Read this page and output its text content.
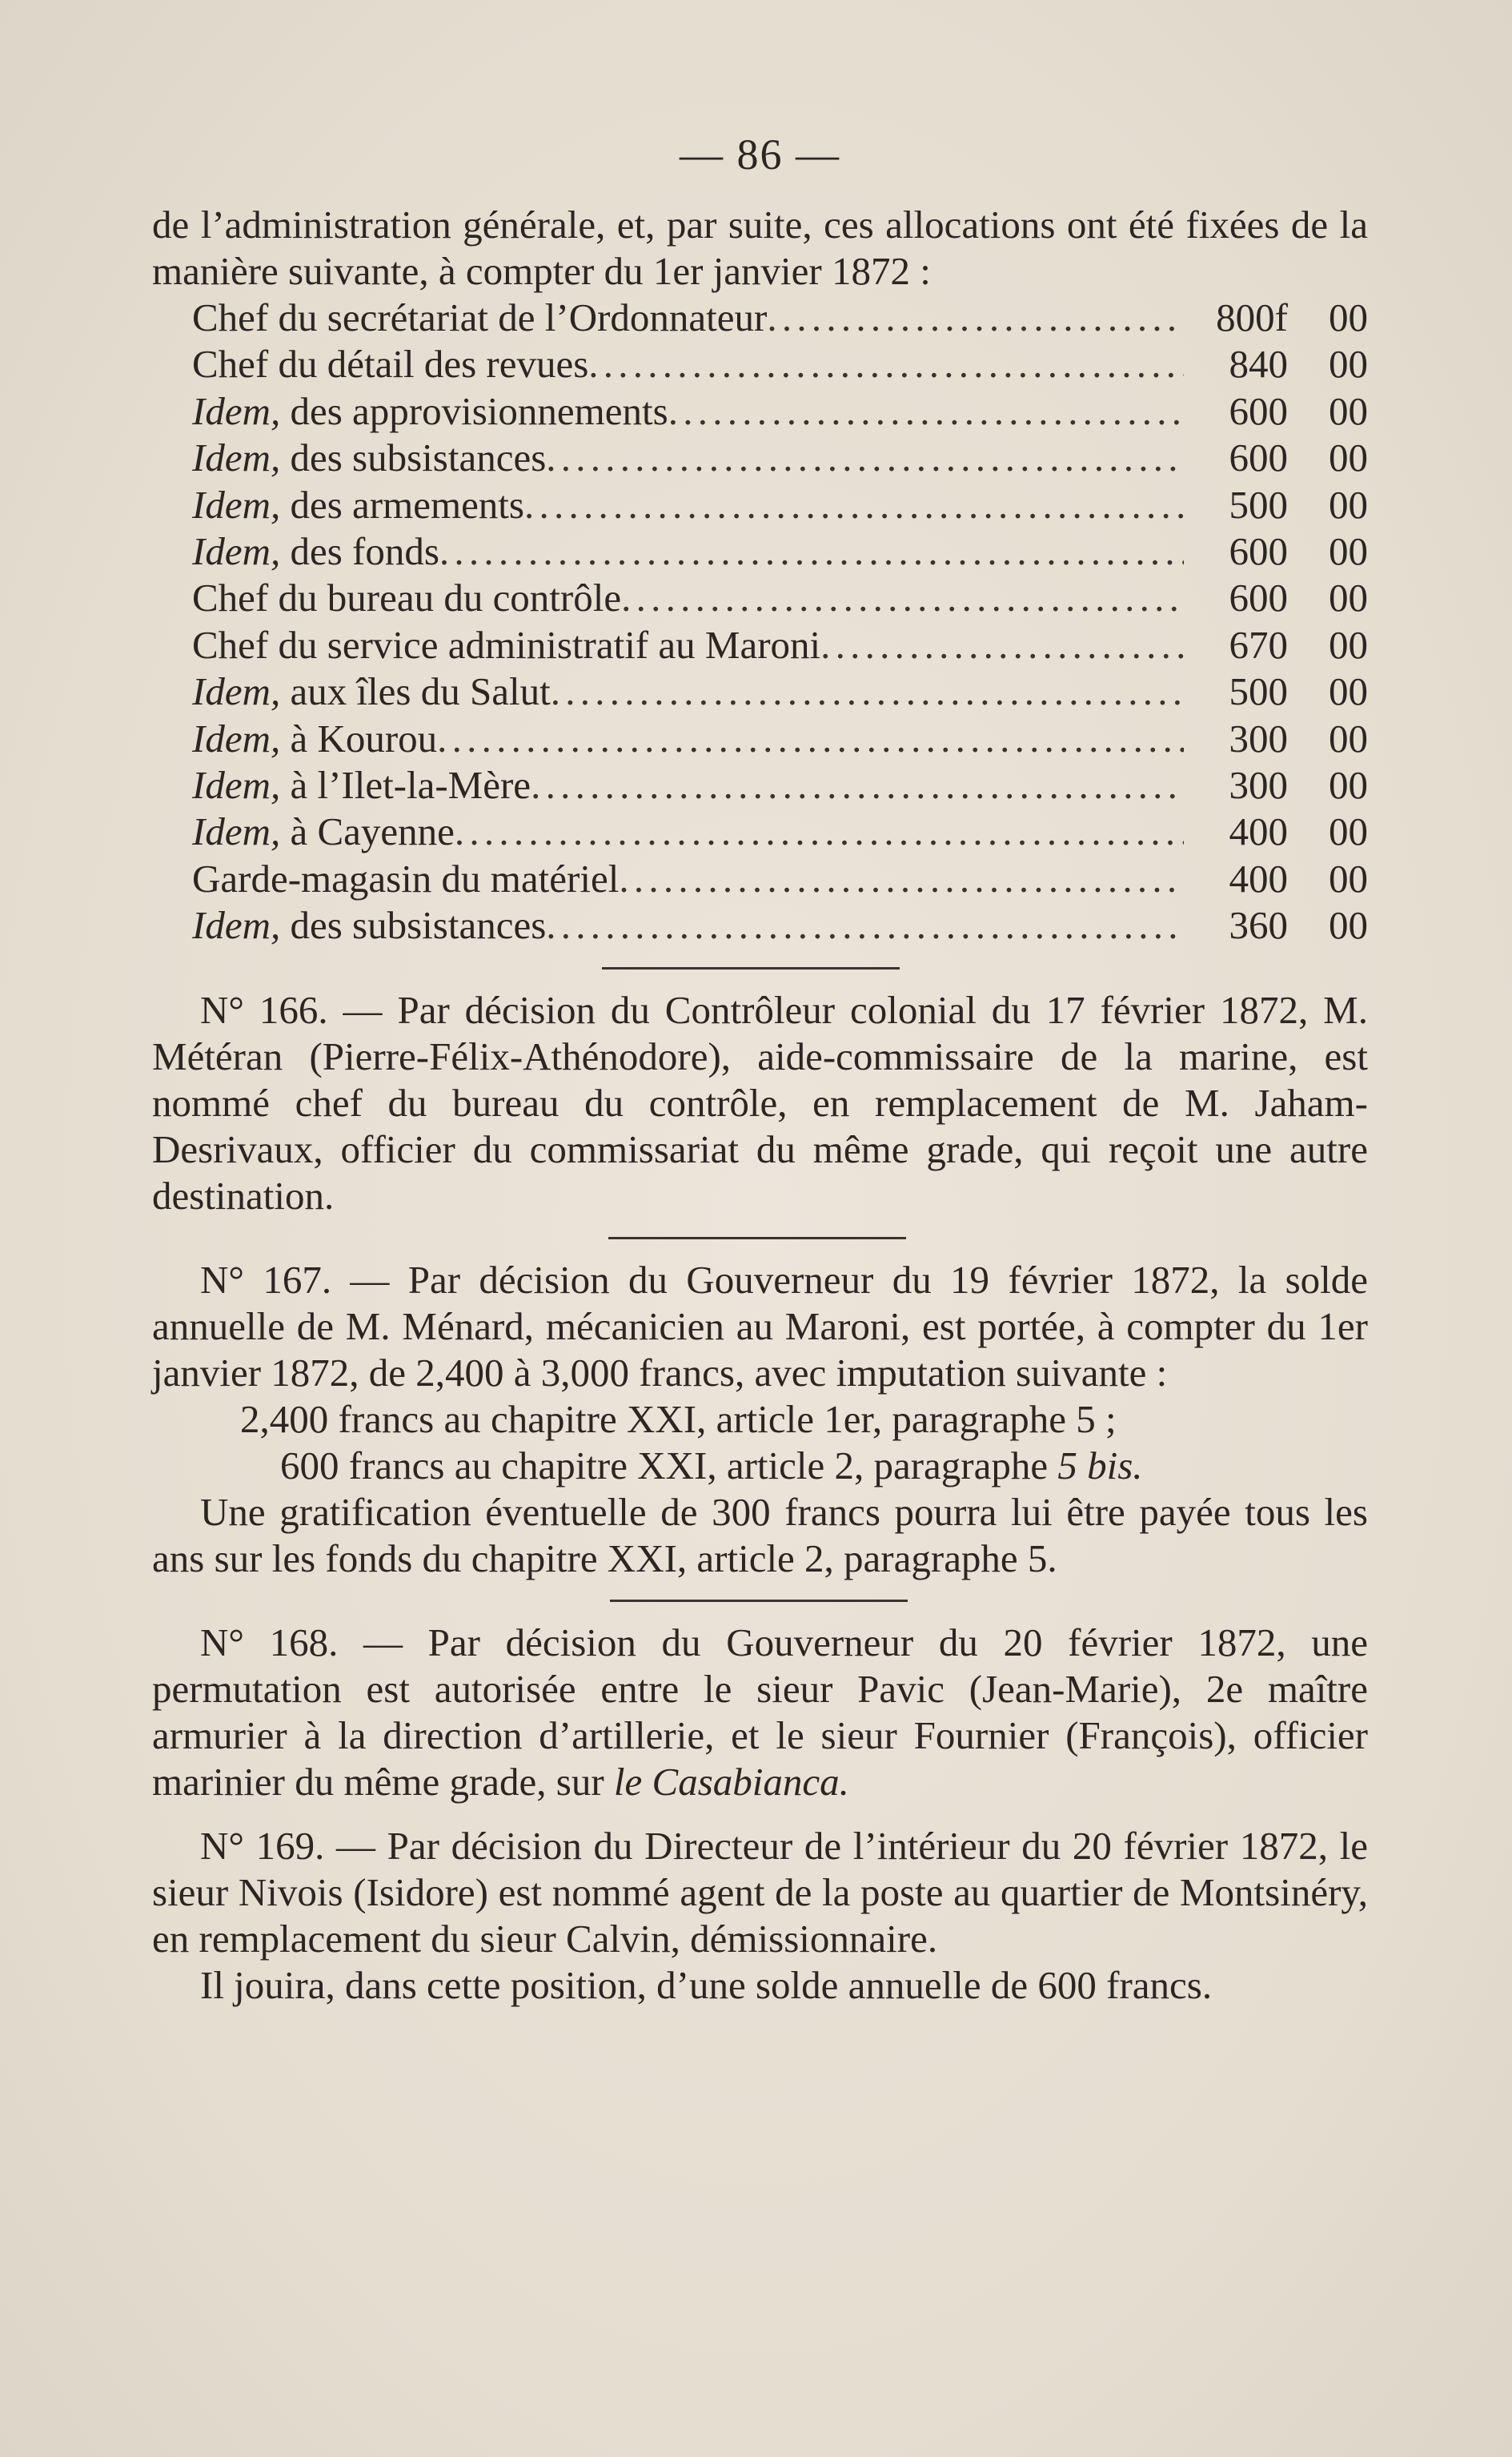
— 86 —

de l’administration générale, et, par suite, ces allocations ont été fixées de la manière suivante, à compter du 1er janvier 1872 :

Chef du secrétariat de l’Ordonnateur . . .	800f	00
Chef du détail des revues . . .	840	00
Idem, des approvisionnements . . .	600	00
Idem, des subsistances . . .	600	00
Idem, des armements . . .	500	00
Idem, des fonds . . .	600	00
Chef du bureau du contrôle . . .	600	00
Chef du service administratif au Maroni . . .	670	00
Idem, aux îles du Salut . . .	500	00
Idem, à Kourou . . .	300	00
Idem, à l’Ilet-la-Mère . . .	300	00
Idem, à Cayenne . . .	400	00
Garde-magasin du matériel . . .	400	00
Idem, des subsistances . . .	360	00

N° 166. — Par décision du Contrôleur colonial du 17 février 1872, M. Météran (Pierre-Félix-Athénodore), aide-commissaire de la marine, est nommé chef du bureau du contrôle, en remplacement de M. Jaham-Desrivaux, officier du commissariat du même grade, qui reçoit une autre destination.

N° 167. — Par décision du Gouverneur du 19 février 1872, la solde annuelle de M. Ménard, mécanicien au Maroni, est portée, à compter du 1er janvier 1872, de 2,400 à 3,000 francs, avec imputation suivante :

2,400 francs au chapitre XXI, article 1er, paragraphe 5 ;

600 francs au chapitre XXI, article 2, paragraphe 5 bis.

Une gratification éventuelle de 300 francs pourra lui être payée tous les ans sur les fonds du chapitre XXI, article 2, paragraphe 5.

N° 168. — Par décision du Gouverneur du 20 février 1872, une permutation est autorisée entre le sieur Pavic (Jean-Marie), 2e maître armurier à la direction d’artillerie, et le sieur Fournier (François), officier marinier du même grade, sur le Casabianca.

N° 169. — Par décision du Directeur de l’intérieur du 20 février 1872, le sieur Nivois (Isidore) est nommé agent de la poste au quartier de Montsinéry, en remplacement du sieur Calvin, démissionnaire.

Il jouira, dans cette position, d’une solde annuelle de 600 francs.
